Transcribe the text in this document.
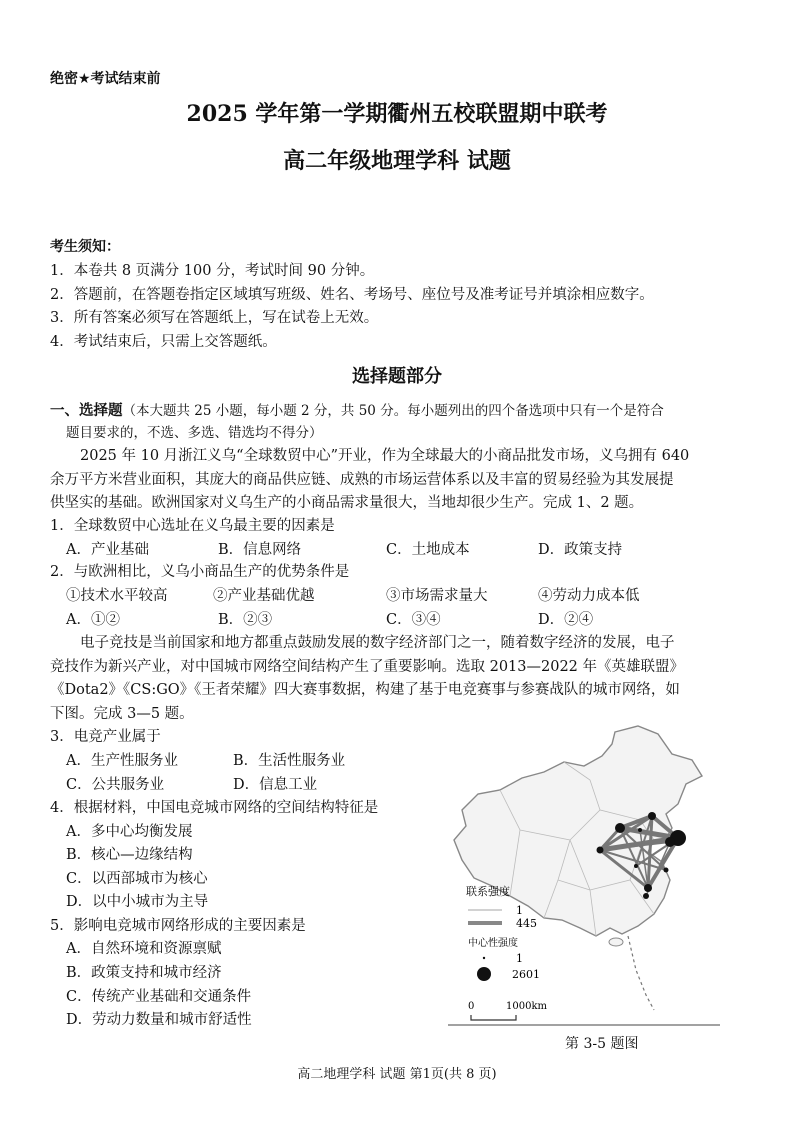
绝密★考试结束前
2025 学年第一学期衢州五校联盟期中联考
高二年级地理学科 试题
考生须知：
1．本卷共 8 页满分 100 分，考试时间 90 分钟。
2．答题前，在答题卷指定区域填写班级、姓名、考场号、座位号及准考证号并填涂相应数字。
3．所有答案必须写在答题纸上，写在试卷上无效。
4．考试结束后，只需上交答题纸。
选择题部分
一、选择题（本大题共 25 小题，每小题 2 分，共 50 分。每小题列出的四个备选项中只有一个是符合
题目要求的，不选、多选、错选均不得分）
2025 年 10 月浙江义乌“全球数贸中心”开业，作为全球最大的小商品批发市场，义乌拥有 640
余万平方米营业面积，其庞大的商品供应链、成熟的市场运营体系以及丰富的贸易经验为其发展提
供坚实的基础。欧洲国家对义乌生产的小商品需求量很大，当地却很少生产。完成 1、2 题。
1．全球数贸中心选址在义乌最主要的因素是
A．产业基础	B．信息网络	C．土地成本	D．政策支持
2．与欧洲相比，义乌小商品生产的优势条件是
①技术水平较高	②产业基础优越	③市场需求量大	④劳动力成本低
A．①②	B．②③	C．③④	D．②④
电子竞技是当前国家和地方都重点鼓励发展的数字经济部门之一，随着数字经济的发展，电子
竞技作为新兴产业，对中国城市网络空间结构产生了重要影响。选取 2013—2022 年《英雄联盟》
《Dota2》《CS:GO》《王者荣耀》四大赛事数据，构建了基于电竞赛事与参赛战队的城市网络，如
下图。完成 3—5 题。
3．电竞产业属于
A．生产性服务业	B．生活性服务业
C．公共服务业	D．信息工业
4．根据材料，中国电竞城市网络的空间结构特征是
A．多中心均衡发展
B．核心—边缘结构
C．以西部城市为核心
D．以中小城市为主导
5．影响电竞城市网络形成的主要因素是
A．自然环境和资源禀赋
B．政策支持和城市经济
C．传统产业基础和交通条件
D．劳动力数量和城市舒适性
联系强度
1
445
中心性强度
1
2601
0	1000km
第 3-5 题图
高二地理学科 试题 第1页(共 8 页)
